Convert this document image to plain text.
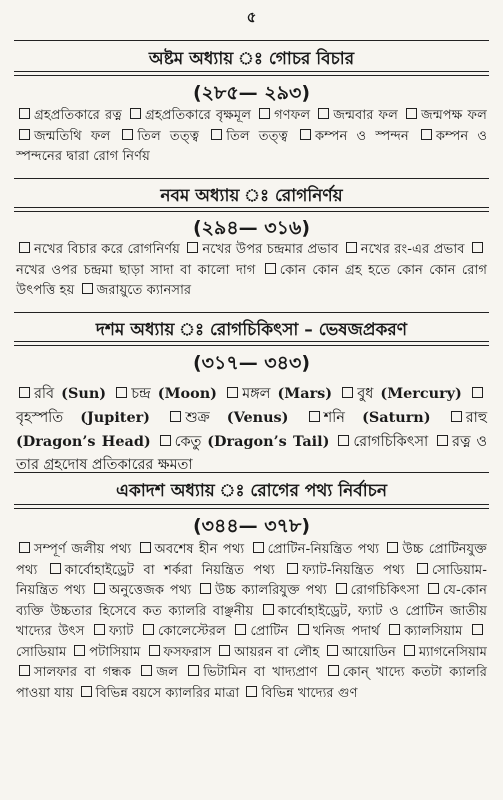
৫
অষ্টম অধ্যায় ঃ গোচর বিচার
(২৮৫— ২৯৩)
গ্রহপ্রতিকারে রত্ন গ্রহপ্রতিকারে বৃক্ষমূল গণফল জন্মবার ফল জন্মপক্ষ ফল জন্মতিথি ফল তিল তত্ত্ব তিল তত্ত্ব কম্পন ও স্পন্দন কম্পন ও স্পন্দনের দ্বারা রোগ নির্ণয়
নবম অধ্যায় ঃ রোগনির্ণয়
(২৯৪— ৩১৬)
নখের বিচার করে রোগনির্ণয় নখের উপর চন্দ্রমার প্রভাব নখের রং-এর প্রভাব নখের ওপর চন্দ্রমা ছাড়া সাদা বা কালো দাগ কোন কোন গ্রহ হতে কোন কোন রোগ উৎপত্তি হয় জরায়ুতে ক্যানসার
দশম অধ্যায় ঃ রোগচিকিৎসা – ভেষজপ্রকরণ
(৩১৭— ৩৪৩)
রবি (Sun) চন্দ্র (Moon) মঙ্গল (Mars) বুধ (Mercury) বৃহস্পতি (Jupiter) শুক্র (Venus) শনি (Saturn) রাহু (Dragon’s Head) কেতু (Dragon’s Tail) রোগচিকিৎসা রত্ন ও তার গ্রহদোষ প্রতিকারের ক্ষমতা
একাদশ অধ্যায় ঃ রোগের পথ্য নির্বাচন
(৩৪৪— ৩৭৮)
সম্পূর্ণ জলীয় পথ্য অবশেষ হীন পথ্য প্রোটিন-নিয়ন্ত্রিত পথ্য উচ্চ প্রোটিনযুক্ত পথ্য কার্বোহাইড্রেট বা শর্করা নিয়ন্ত্রিত পথ্য ফ্যাট-নিয়ন্ত্রিত পথ্য সোডিয়াম-নিয়ন্ত্রিত পথ্য অনুত্তেজক পথ্য উচ্চ ক্যালরিযুক্ত পথ্য রোগচিকিৎসা যে-কোন ব্যক্তি উচ্চতার হিসেবে কত ক্যালরি বাঞ্ছনীয় কার্বোহাইড্রেট, ফ্যাট ও প্রোটিন জাতীয় খাদ্যের উৎস ফ্যাট কোলেস্টেরল প্রোটিন খনিজ পদার্থ ক্যালসিয়াম সোডিয়াম পটাসিয়াম ফসফরাস আয়রন বা লৌহ আয়োডিন ম্যাগনেসিয়াম সালফার বা গন্ধক জল ভিটামিন বা খাদ্যপ্রাণ কোন্ খাদ্যে কতটা ক্যালরি পাওয়া যায় বিভিন্ন বয়সে ক্যালরির মাত্রা বিভিন্ন খাদ্যের গুণ
